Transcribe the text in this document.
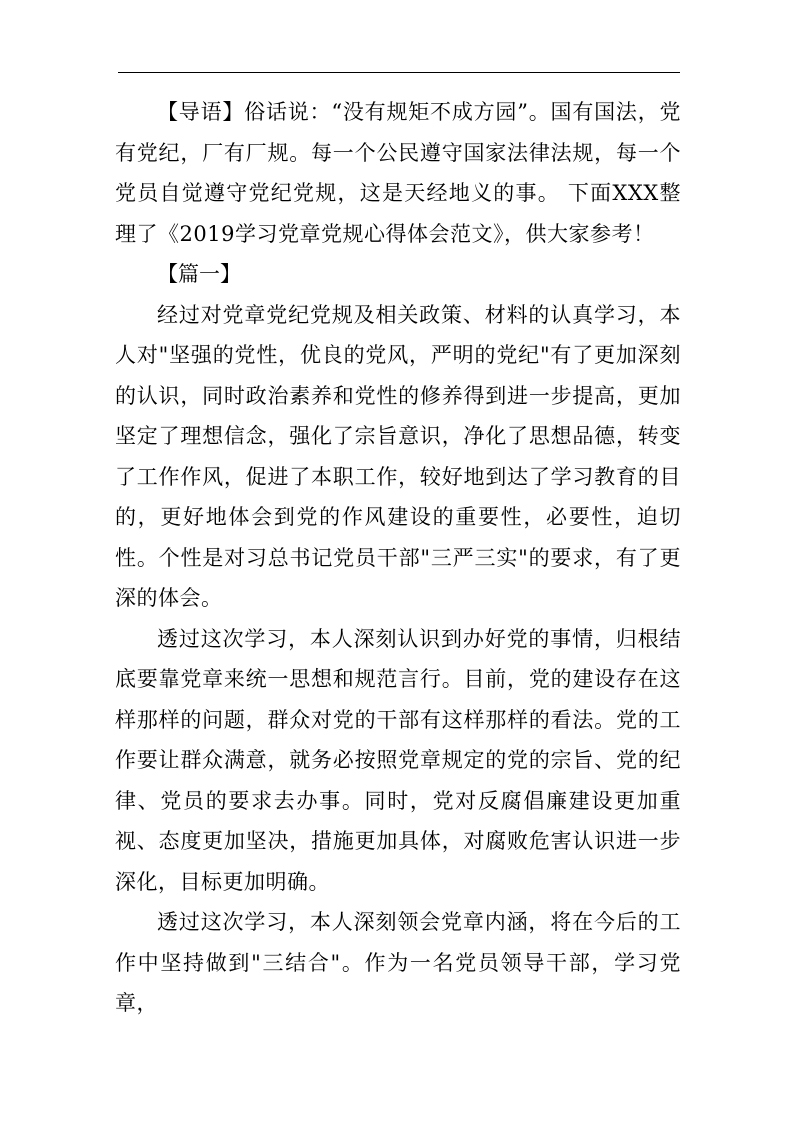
【导语】俗话说：“没有规矩不成方园”。国有国法，党有党纪，厂有厂规。每一个公民遵守国家法律法规，每一个党员自觉遵守党纪党规，这是天经地义的事。 下面XXX整理了《2019学习党章党规心得体会范文》，供大家参考！

【篇一】

经过对党章党纪党规及相关政策、材料的认真学习，本人对"坚强的党性，优良的党风，严明的党纪"有了更加深刻的认识，同时政治素养和党性的修养得到进一步提高，更加坚定了理想信念，强化了宗旨意识，净化了思想品德，转变了工作作风，促进了本职工作，较好地到达了学习教育的目的，更好地体会到党的作风建设的重要性，必要性，迫切性。个性是对习总书记党员干部"三严三实"的要求，有了更深的体会。

透过这次学习，本人深刻认识到办好党的事情，归根结底要靠党章来统一思想和规范言行。目前，党的建设存在这样那样的问题，群众对党的干部有这样那样的看法。党的工作要让群众满意，就务必按照党章规定的党的宗旨、党的纪律、党员的要求去办事。同时，党对反腐倡廉建设更加重视、态度更加坚决，措施更加具体，对腐败危害认识进一步深化，目标更加明确。

透过这次学习，本人深刻领会党章内涵，将在今后的工作中坚持做到"三结合"。作为一名党员领导干部，学习党章，
